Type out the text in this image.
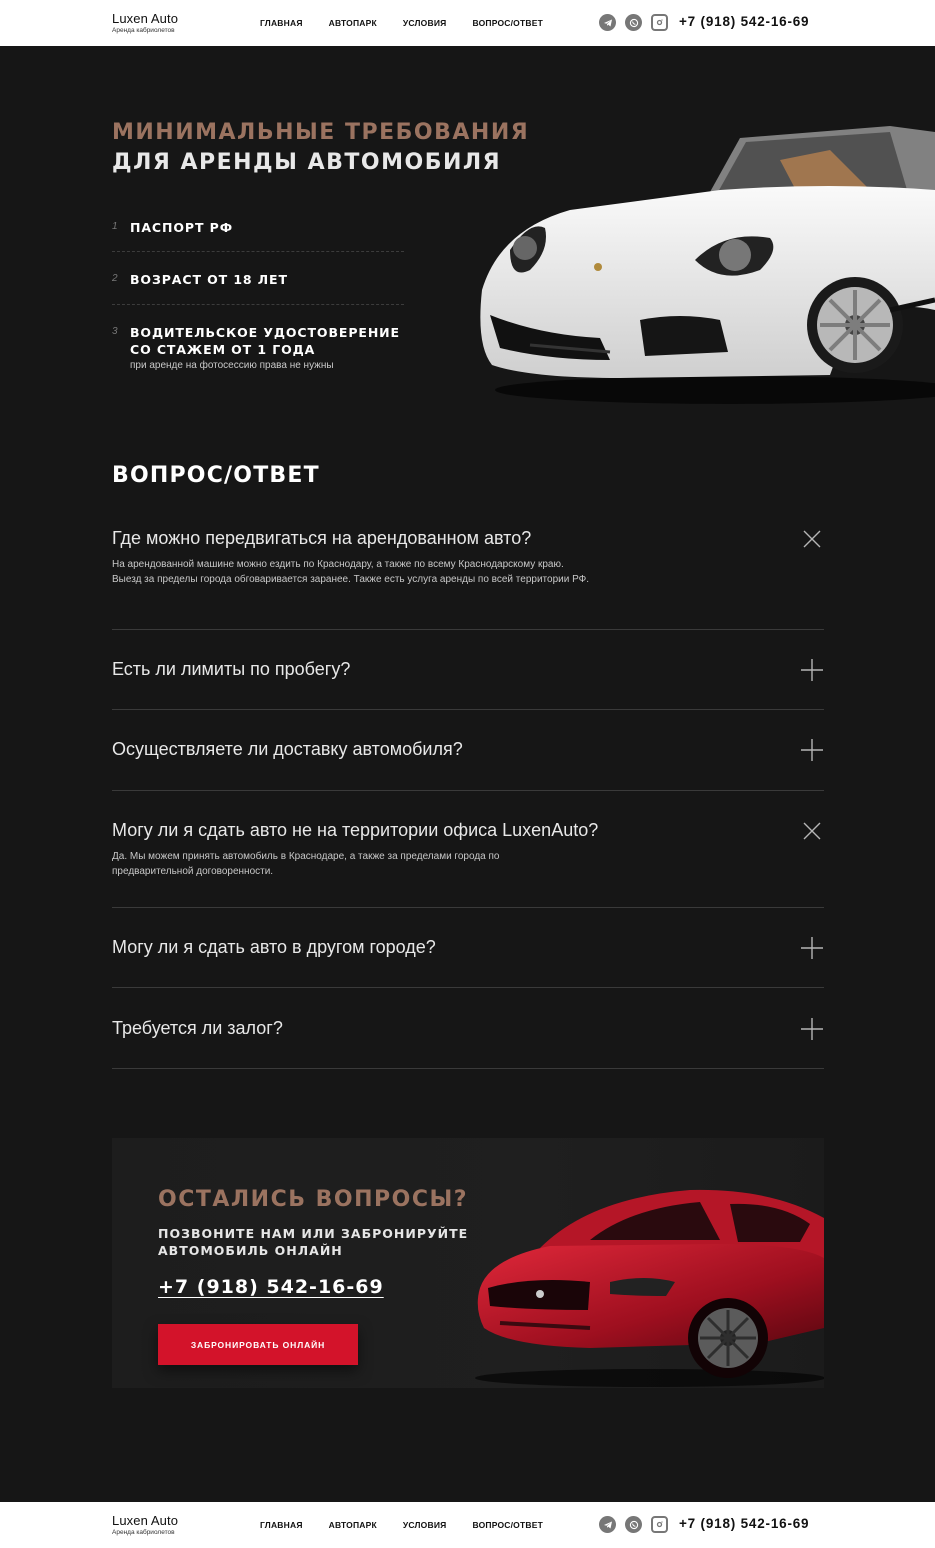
Luxen Auto
Аренда кабриолетов
ГЛАВНАЯ	АВТОПАРК	УСЛОВИЯ	ВОПРОС/ОТВЕТ	+7 (918) 542-16-69
МИНИМАЛЬНЫЕ ТРЕБОВАНИЯ
ДЛЯ АРЕНДЫ АВТОМОБИЛЯ
1 ПАСПОРТ РФ
2 ВОЗРАСТ ОТ 18 ЛЕТ
3 ВОДИТЕЛЬСКОЕ УДОСТОВЕРЕНИЕ
СО СТАЖЕМ ОТ 1 ГОДА
при аренде на фотосессию права не нужны
ВОПРОС/ОТВЕТ
Где можно передвигаться на арендованном авто?
На арендованной машине можно ездить по Краснодару, а также по всему Краснодарскому краю. Выезд за пределы города обговаривается заранее. Также есть услуга аренды по всей территории РФ.
Есть ли лимиты по пробегу?
Осуществляете ли доставку автомобиля?
Могу ли я сдать авто не на территории офиса LuxenAuto?
Да. Мы можем принять автомобиль в Краснодаре, а также за пределами города по предварительной договоренности.
Могу ли я сдать авто в другом городе?
Требуется ли залог?
ОСТАЛИСЬ ВОПРОСЫ?
ПОЗВОНИТЕ НАМ ИЛИ ЗАБРОНИРУЙТЕ
АВТОМОБИЛЬ ОНЛАЙН
+7 (918) 542-16-69
ЗАБРОНИРОВАТЬ ОНЛАЙН
Luxen Auto
Аренда кабриолетов
ГЛАВНАЯ	АВТОПАРК	УСЛОВИЯ	ВОПРОС/ОТВЕТ	+7 (918) 542-16-69
